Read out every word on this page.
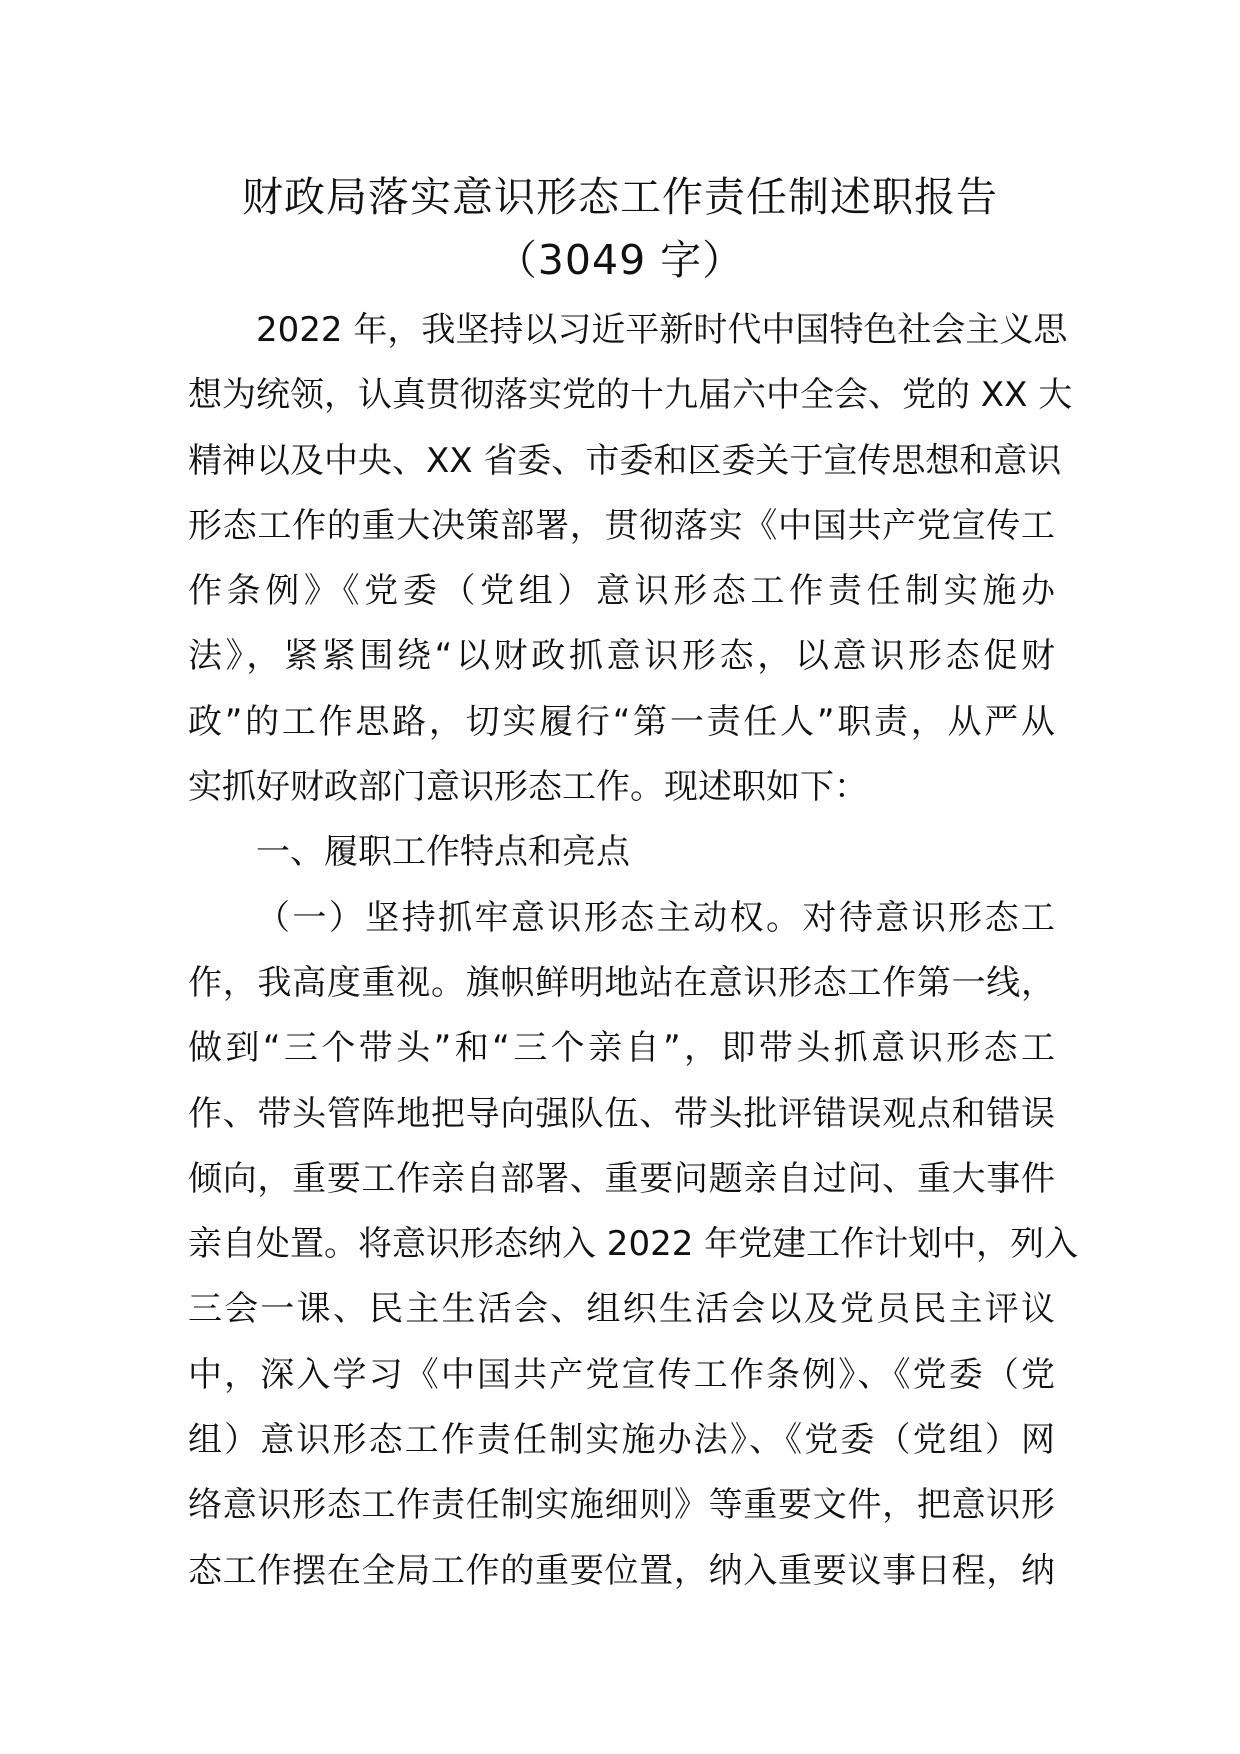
财政局落实意识形态工作责任制述职报告
（3049 字）
2022 年，我坚持以习近平新时代中国特色社会主义思
想为统领，认真贯彻落实党的十九届六中全会、党的 XX 大
精神以及中央、XX 省委、市委和区委关于宣传思想和意识
形态工作的重大决策部署，贯彻落实《中国共产党宣传工
作条例》《党委（党组）意识形态工作责任制实施办
法》，紧紧围绕“以财政抓意识形态，以意识形态促财
政”的工作思路，切实履行“第一责任人”职责，从严从
实抓好财政部门意识形态工作。现述职如下：
一、履职工作特点和亮点
（一）坚持抓牢意识形态主动权。对待意识形态工
作，我高度重视。旗帜鲜明地站在意识形态工作第一线，
做到“三个带头”和“三个亲自”，即带头抓意识形态工
作、带头管阵地把导向强队伍、带头批评错误观点和错误
倾向，重要工作亲自部署、重要问题亲自过问、重大事件
亲自处置。将意识形态纳入 2022 年党建工作计划中，列入
三会一课、民主生活会、组织生活会以及党员民主评议
中，深入学习《中国共产党宣传工作条例》、《党委（党
组）意识形态工作责任制实施办法》、《党委（党组）网
络意识形态工作责任制实施细则》等重要文件，把意识形
态工作摆在全局工作的重要位置，纳入重要议事日程，纳
